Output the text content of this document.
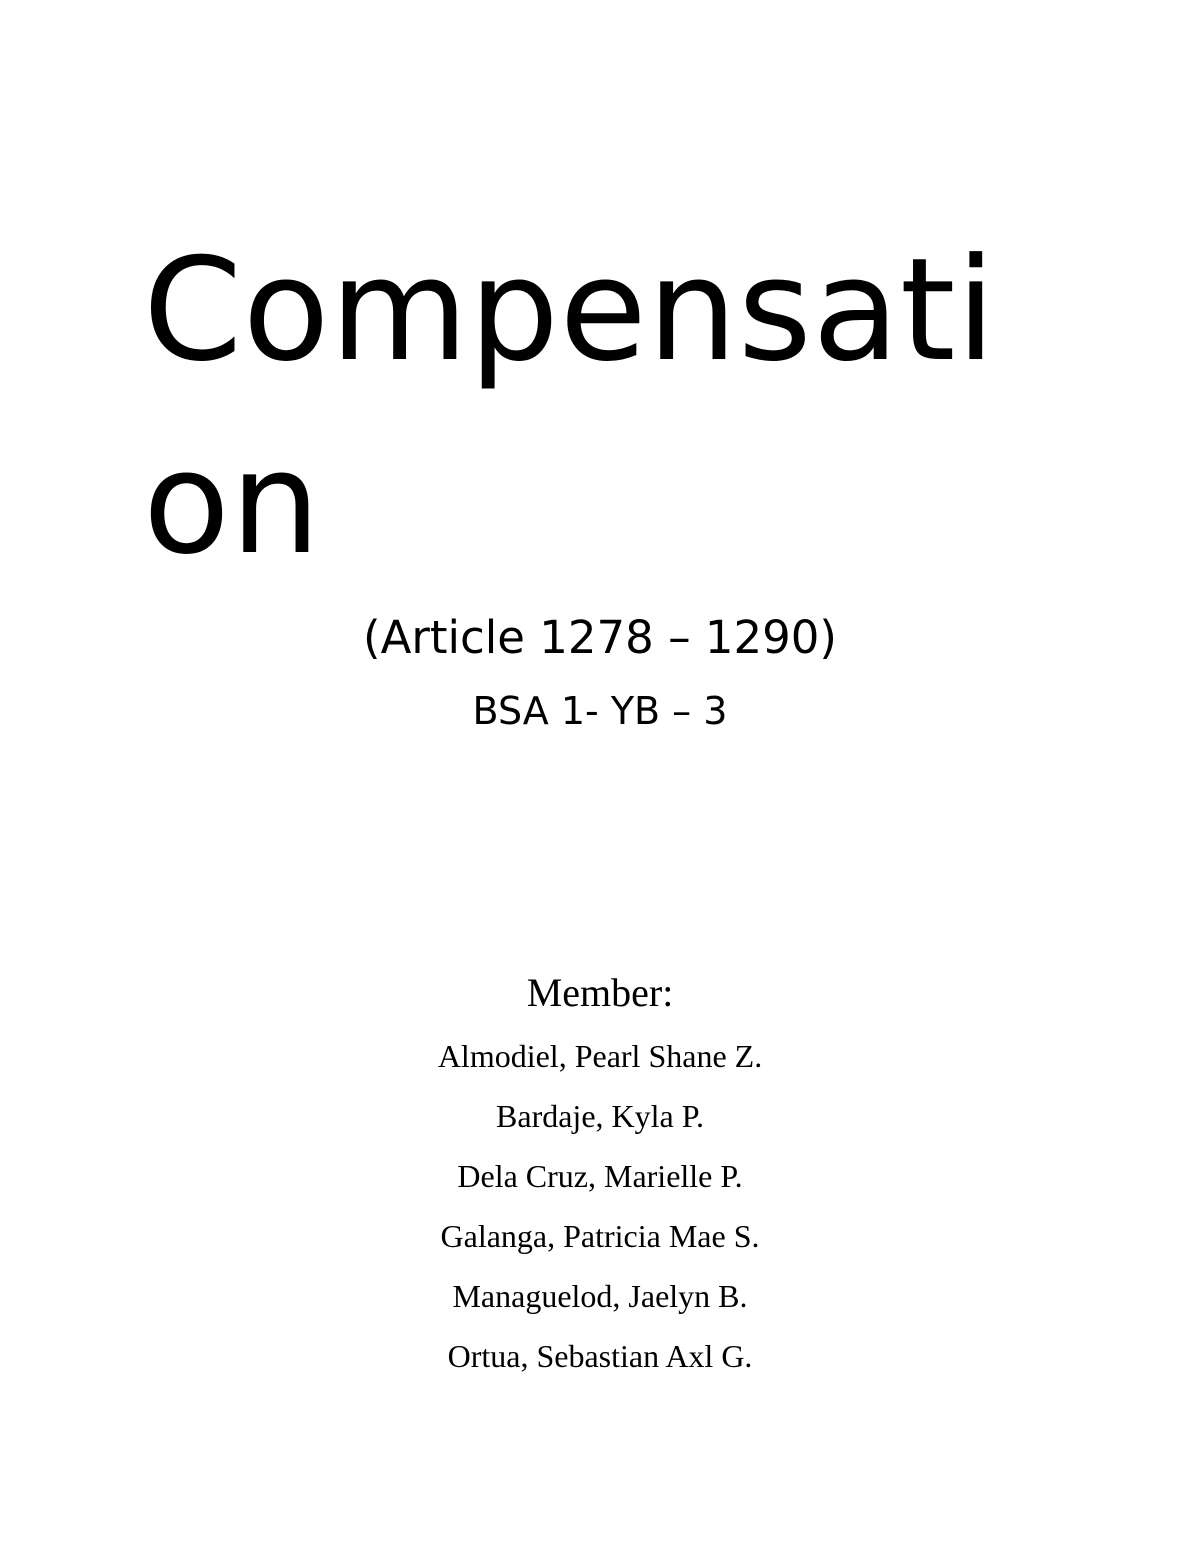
Compensati
on

(Article 1278 – 1290)

BSA 1- YB – 3

Member:

Almodiel, Pearl Shane Z.
Bardaje, Kyla P.
Dela Cruz, Marielle P.
Galanga, Patricia Mae S.
Managuelod, Jaelyn B.
Ortua, Sebastian Axl G.
